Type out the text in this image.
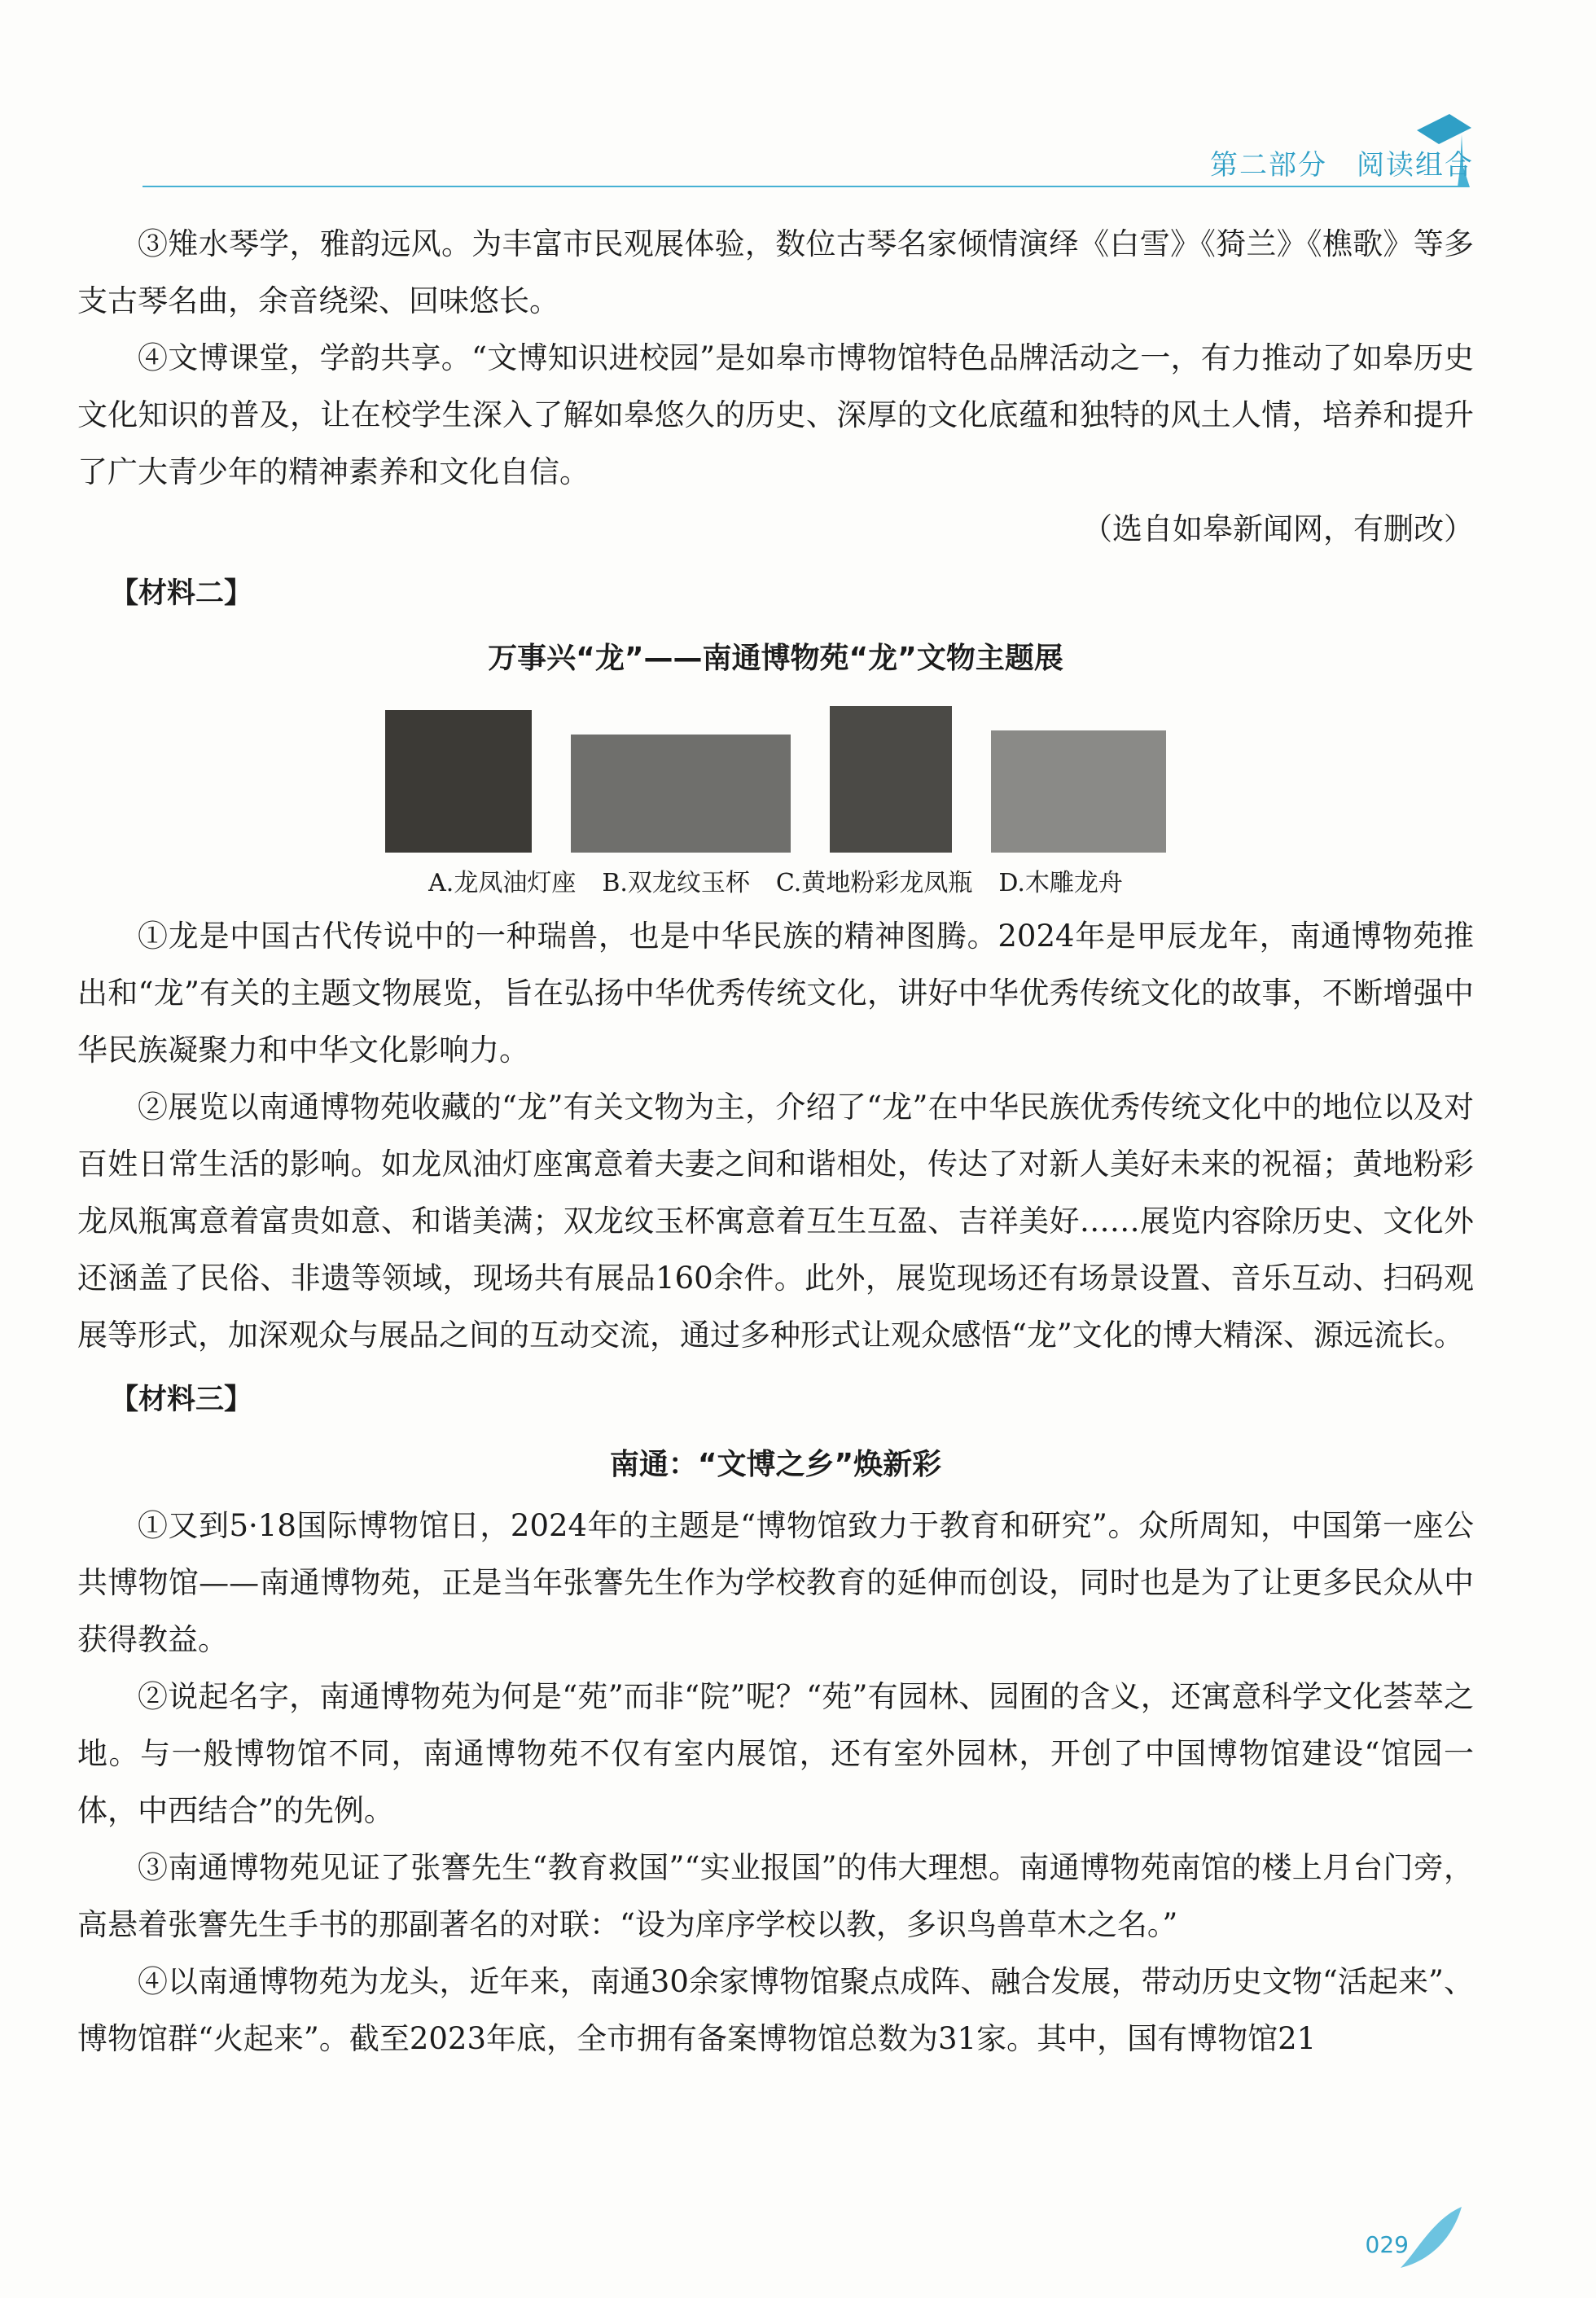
第二部分 阅读组合

③雉水琴学，雅韵远风。为丰富市民观展体验，数位古琴名家倾情演绎《白雪》《猗兰》《樵歌》等多支古琴名曲，余音绕梁、回味悠长。

④文博课堂，学韵共享。“文博知识进校园”是如皋市博物馆特色品牌活动之一，有力推动了如皋历史文化知识的普及，让在校学生深入了解如皋悠久的历史、深厚的文化底蕴和独特的风土人情，培养和提升了广大青少年的精神素养和文化自信。

（选自如皋新闻网，有删改）

【材料二】

万事兴“龙”——南通博物苑“龙”文物主题展

A.龙凤油灯座 B.双龙纹玉杯 C.黄地粉彩龙凤瓶 D.木雕龙舟

①龙是中国古代传说中的一种瑞兽，也是中华民族的精神图腾。2024年是甲辰龙年，南通博物苑推出和“龙”有关的主题文物展览，旨在弘扬中华优秀传统文化，讲好中华优秀传统文化的故事，不断增强中华民族凝聚力和中华文化影响力。

②展览以南通博物苑收藏的“龙”有关文物为主，介绍了“龙”在中华民族优秀传统文化中的地位以及对百姓日常生活的影响。如龙凤油灯座寓意着夫妻之间和谐相处，传达了对新人美好未来的祝福；黄地粉彩龙凤瓶寓意着富贵如意、和谐美满；双龙纹玉杯寓意着互生互盈、吉祥美好……展览内容除历史、文化外还涵盖了民俗、非遗等领域，现场共有展品160余件。此外，展览现场还有场景设置、音乐互动、扫码观展等形式，加深观众与展品之间的互动交流，通过多种形式让观众感悟“龙”文化的博大精深、源远流长。

【材料三】

南通：“文博之乡”焕新彩

①又到5·18国际博物馆日，2024年的主题是“博物馆致力于教育和研究”。众所周知，中国第一座公共博物馆——南通博物苑，正是当年张謇先生作为学校教育的延伸而创设，同时也是为了让更多民众从中获得教益。

②说起名字，南通博物苑为何是“苑”而非“院”呢？“苑”有园林、园囿的含义，还寓意科学文化荟萃之地。与一般博物馆不同，南通博物苑不仅有室内展馆，还有室外园林，开创了中国博物馆建设“馆园一体，中西结合”的先例。

③南通博物苑见证了张謇先生“教育救国”“实业报国”的伟大理想。南通博物苑南馆的楼上月台门旁，高悬着张謇先生手书的那副著名的对联：“设为庠序学校以教，多识鸟兽草木之名。”

④以南通博物苑为龙头，近年来，南通30余家博物馆聚点成阵、融合发展，带动历史文物“活起来”、博物馆群“火起来”。截至2023年底，全市拥有备案博物馆总数为31家。其中，国有博物馆21

029
